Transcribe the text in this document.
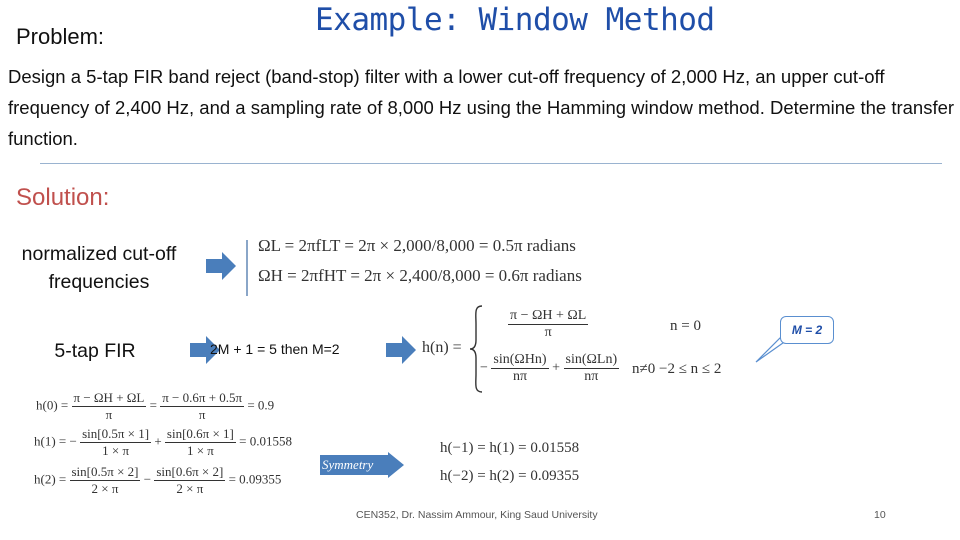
Problem:	Example: Window Method
Design a 5-tap FIR band reject (band-stop) filter with a lower cut-off frequency of 2,000 Hz, an upper cut-off frequency of 2,400 Hz, and a sampling rate of 8,000 Hz using the Hamming window method. Determine the transfer function.
Solution:
normalized cut-off frequencies
ΩL = 2πfLT = 2π × 2,000/8,000 = 0.5π radians
ΩH = 2πfHT = 2π × 2,400/8,000 = 0.6π radians
5-tap FIR	2M + 1 = 5 then M=2	h(n) =
$\frac{\pi - \Omega H + \Omega L}{\pi}$	n = 0
− $\frac{\text{sin(ΩHn)}}{n\pi} + \frac{\text{sin(ΩLn)}}{n\pi} n\ne 0 -2 \le n \le 2$
M = 2
$h(0) = \frac{\pi - \Omega H + \Omega L}{\pi} = \frac{\pi - 0.6\pi + 0.5\pi}{\pi} = 0.9$
h(1) = − $\frac{\sin[0.5\pi \times 1]}{1 \times \pi} + \frac{\sin[0.6\pi \times 1]}{1 \times \pi} = 0.01558$
$h(2) = \frac{\sin[0.5\pi \times 2]}{2 \times \pi} - \frac{\sin[0.6\pi \times 2]}{2 \times \pi} = 0.09355$
Symmetry
h(−1) = h(1) = 0.01558
h(−2) = h(2) = 0.09355
CEN352, Dr. Nassim Ammour, King Saud University	10
